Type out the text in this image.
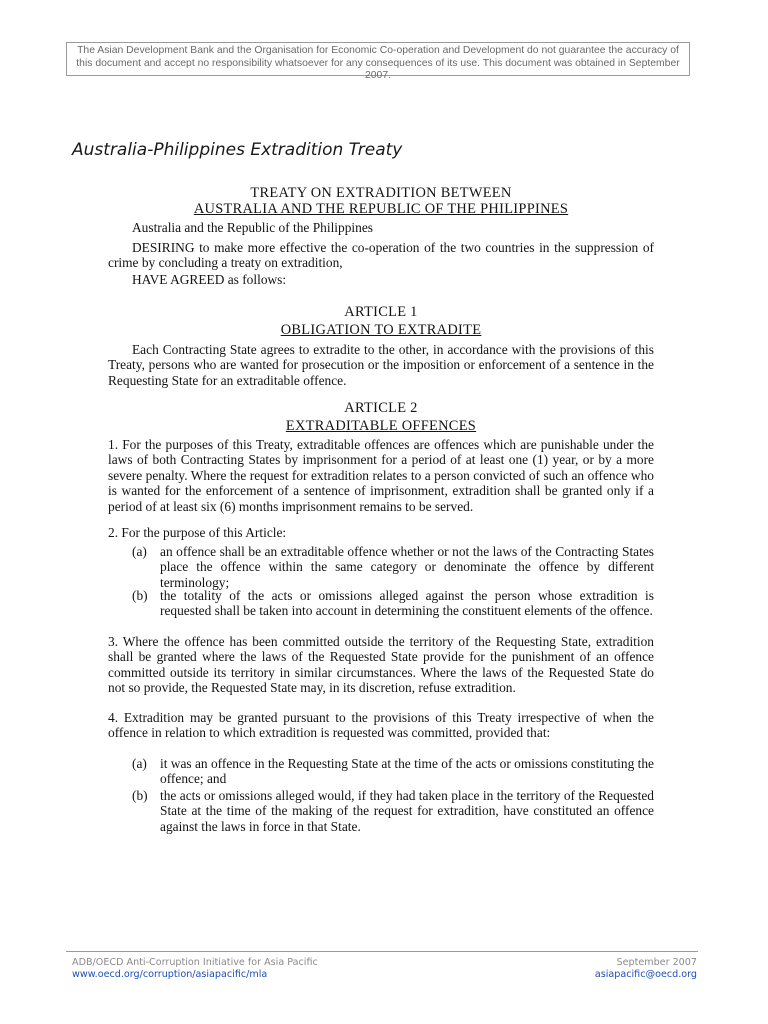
The Asian Development Bank and the Organisation for Economic Co-operation and Development do not guarantee the accuracy of this document and accept no responsibility whatsoever for any consequences of its use. This document was obtained in September 2007.
Australia-Philippines Extradition Treaty
TREATY ON EXTRADITION BETWEEN
AUSTRALIA AND THE REPUBLIC OF THE PHILIPPINES
Australia and the Republic of the Philippines
DESIRING to make more effective the co-operation of the two countries in the suppression of crime by concluding a treaty on extradition,
HAVE AGREED as follows:
ARTICLE 1
OBLIGATION TO EXTRADITE
Each Contracting State agrees to extradite to the other, in accordance with the provisions of this Treaty, persons who are wanted for prosecution or the imposition or enforcement of a sentence in the Requesting State for an extraditable offence.
ARTICLE 2
EXTRADITABLE OFFENCES
1. For the purposes of this Treaty, extraditable offences are offences which are punishable under the laws of both Contracting States by imprisonment for a period of at least one (1) year, or by a more severe penalty. Where the request for extradition relates to a person convicted of such an offence who is wanted for the enforcement of a sentence of imprisonment, extradition shall be granted only if a period of at least six (6) months imprisonment remains to be served.
2. For the purpose of this Article:
(a) an offence shall be an extraditable offence whether or not the laws of the Contracting States place the offence within the same category or denominate the offence by different terminology;
(b) the totality of the acts or omissions alleged against the person whose extradition is requested shall be taken into account in determining the constituent elements of the offence.
3. Where the offence has been committed outside the territory of the Requesting State, extradition shall be granted where the laws of the Requested State provide for the punishment of an offence committed outside its territory in similar circumstances. Where the laws of the Requested State do not so provide, the Requested State may, in its discretion, refuse extradition.
4. Extradition may be granted pursuant to the provisions of this Treaty irrespective of when the offence in relation to which extradition is requested was committed, provided that:
(a) it was an offence in the Requesting State at the time of the acts or omissions constituting the offence; and
(b) the acts or omissions alleged would, if they had taken place in the territory of the Requested State at the time of the making of the request for extradition, have constituted an offence against the laws in force in that State.
ADB/OECD Anti-Corruption Initiative for Asia Pacific
www.oecd.org/corruption/asiapacific/mla
September 2007
asiapacific@oecd.org
